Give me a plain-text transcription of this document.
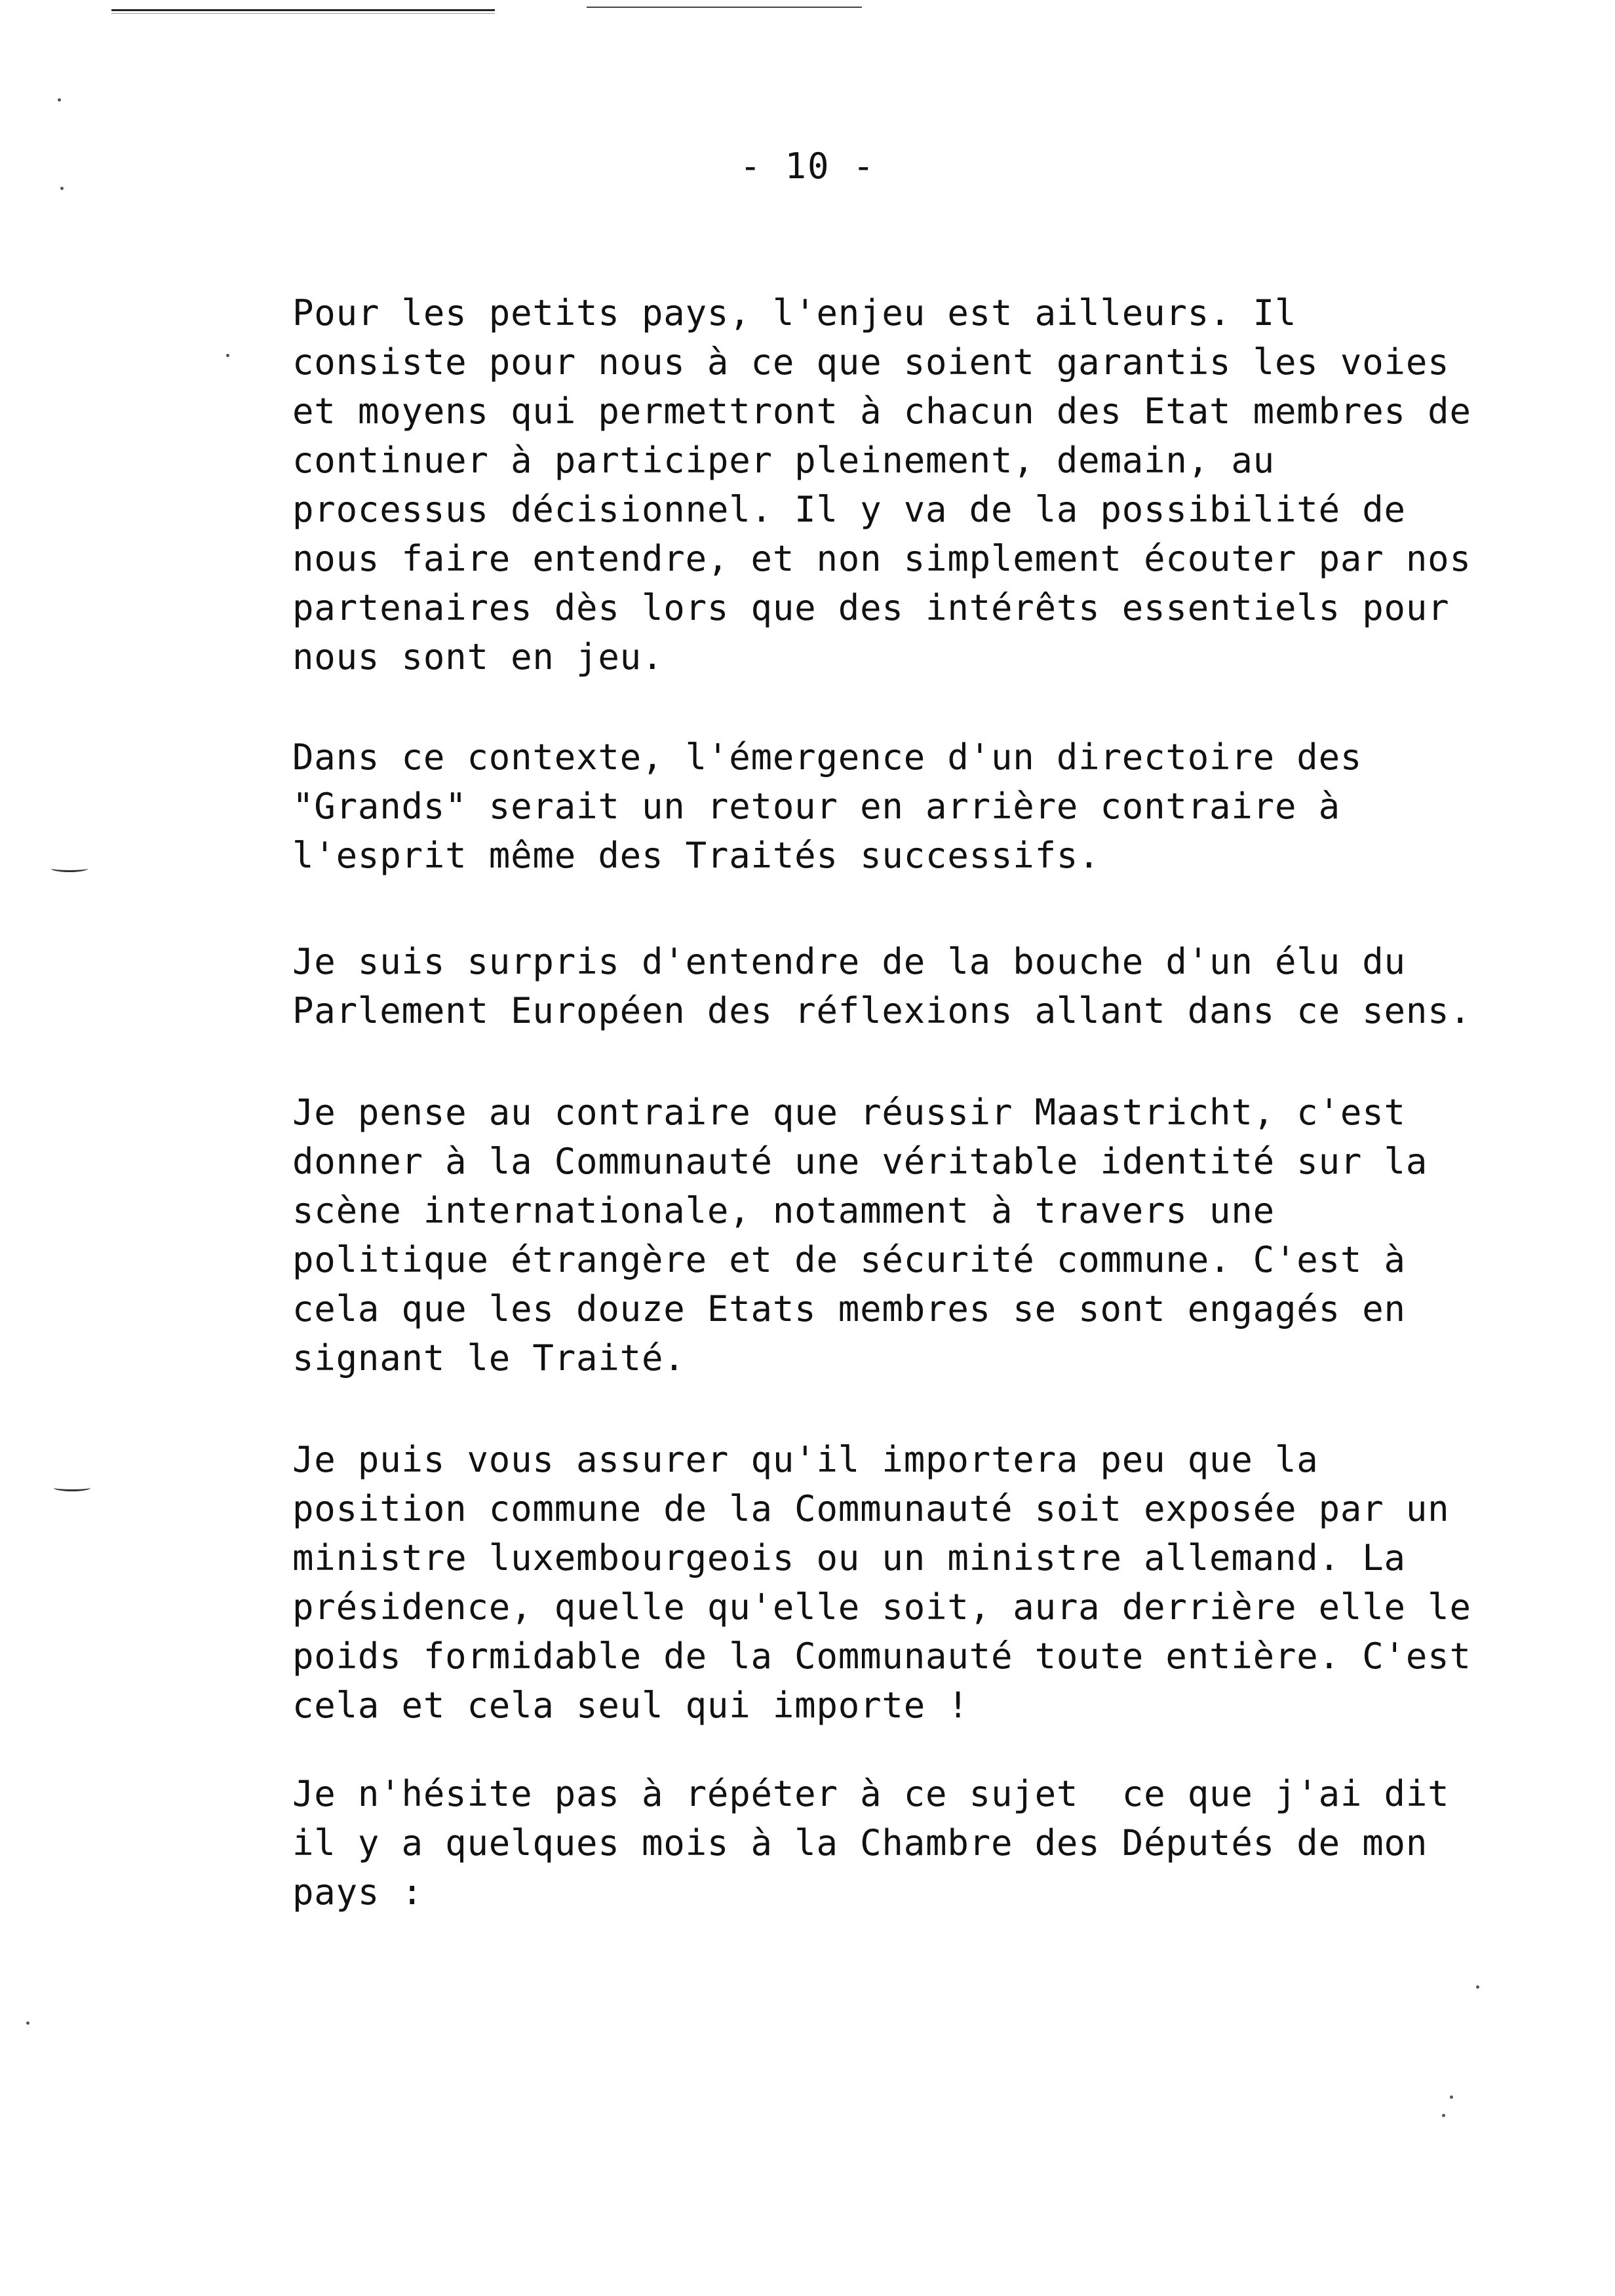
- 10 -

Pour les petits pays, l'enjeu est ailleurs. Il
consiste pour nous à ce que soient garantis les voies
et moyens qui permettront à chacun des Etat membres de
continuer à participer pleinement, demain, au
processus décisionnel. Il y va de la possibilité de
nous faire entendre, et non simplement écouter par nos
partenaires dès lors que des intérêts essentiels pour
nous sont en jeu.

Dans ce contexte, l'émergence d'un directoire des
"Grands" serait un retour en arrière contraire à
l'esprit même des Traités successifs.

Je suis surpris d'entendre de la bouche d'un élu du
Parlement Européen des réflexions allant dans ce sens.

Je pense au contraire que réussir Maastricht, c'est
donner à la Communauté une véritable identité sur la
scène internationale, notamment à travers une
politique étrangère et de sécurité commune. C'est à
cela que les douze Etats membres se sont engagés en
signant le Traité.

Je puis vous assurer qu'il importera peu que la
position commune de la Communauté soit exposée par un
ministre luxembourgeois ou un ministre allemand. La
présidence, quelle qu'elle soit, aura derrière elle le
poids formidable de la Communauté toute entière. C'est
cela et cela seul qui importe !

Je n'hésite pas à répéter à ce sujet  ce que j'ai dit
il y a quelques mois à la Chambre des Députés de mon
pays :
